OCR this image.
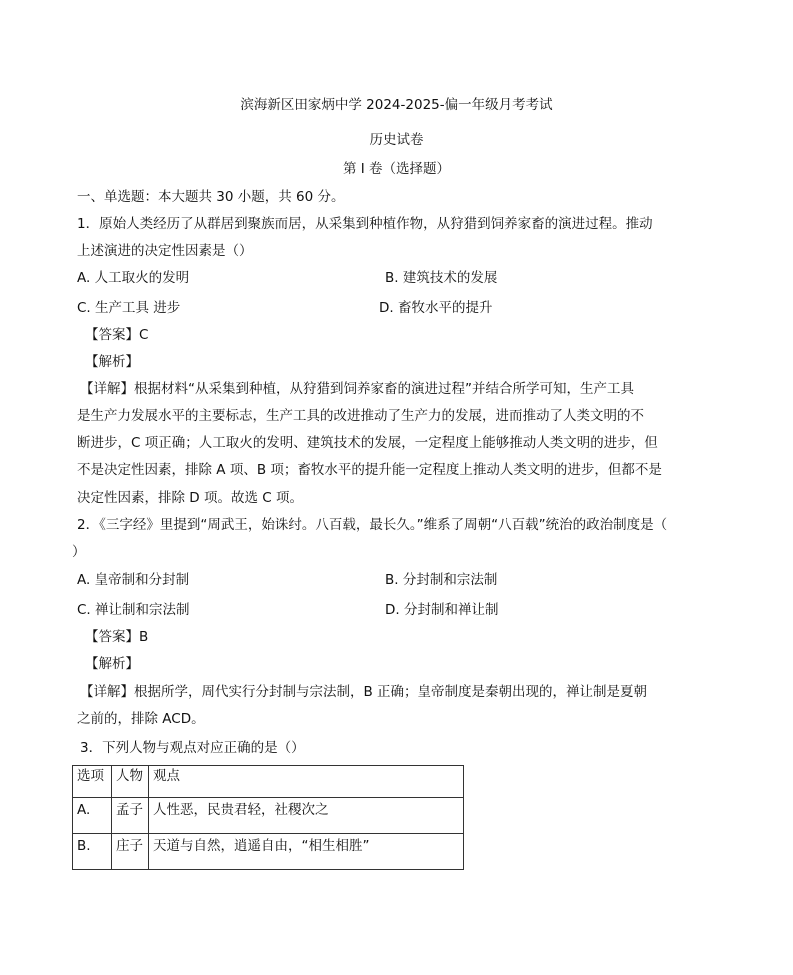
滨海新区田家炳中学 2024-2025-偏一年级月考考试
历史试卷
第 I 卷（选择题）
一、单选题：本大题共 30 小题，共 60 分。
1．原始人类经历了从群居到聚族而居，从采集到种植作物，从狩猎到饲养家畜的演进过程。推动
上述演进的决定性因素是（）
A. 人工取火的发明	B. 建筑技术的发展
C. 生产工具 进步	D. 畜牧水平的提升
【答案】C
【解析】
【详解】根据材料“从采集到种植，从狩猎到饲养家畜的演进过程”并结合所学可知，生产工具
是生产力发展水平的主要标志，生产工具的改进推动了生产力的发展，进而推动了人类文明的不
断进步，C 项正确；人工取火的发明、建筑技术的发展，一定程度上能够推动人类文明的进步，但
不是决定性因素，排除 A 项、B 项；畜牧水平的提升能一定程度上推动人类文明的进步，但都不是
决定性因素，排除 D 项。故选 C 项。
2．《三字经》里提到“周武王，始诛纣。八百载，最长久。”维系了周朝“八百载”统治的政治制度是（
）
A. 皇帝制和分封制	B. 分封制和宗法制
C. 禅让制和宗法制	D. 分封制和禅让制
【答案】B
【解析】
【详解】根据所学，周代实行分封制与宗法制，B 正确；皇帝制度是秦朝出现的，禅让制是夏朝
之前的，排除 ACD。
3．下列人物与观点对应正确的是（）
选项	人物	观点
A.	孟子	人性恶，民贵君轻，社稷次之
B.	庄子	天道与自然，逍遥自由，“相生相胜”
